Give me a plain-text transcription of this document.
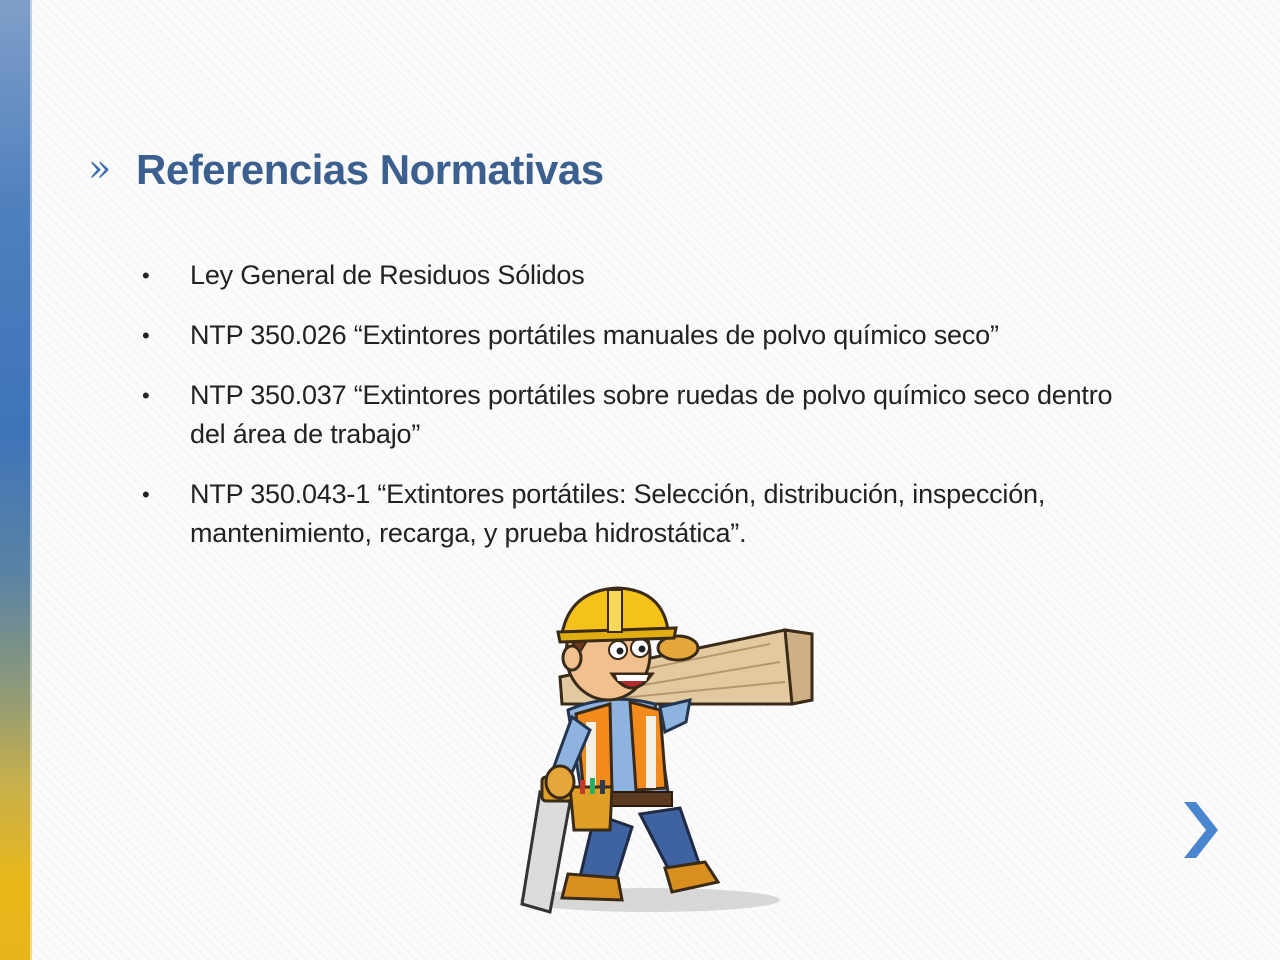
» Referencias Normativas
• Ley General de Residuos Sólidos
• NTP 350.026 “Extintores portátiles manuales de polvo químico seco”
• NTP 350.037 “Extintores portátiles sobre ruedas de polvo químico seco dentro del área de trabajo”
• NTP 350.043-1 “Extintores portátiles: Selección, distribución, inspección, mantenimiento, recarga, y prueba hidrostática”.
